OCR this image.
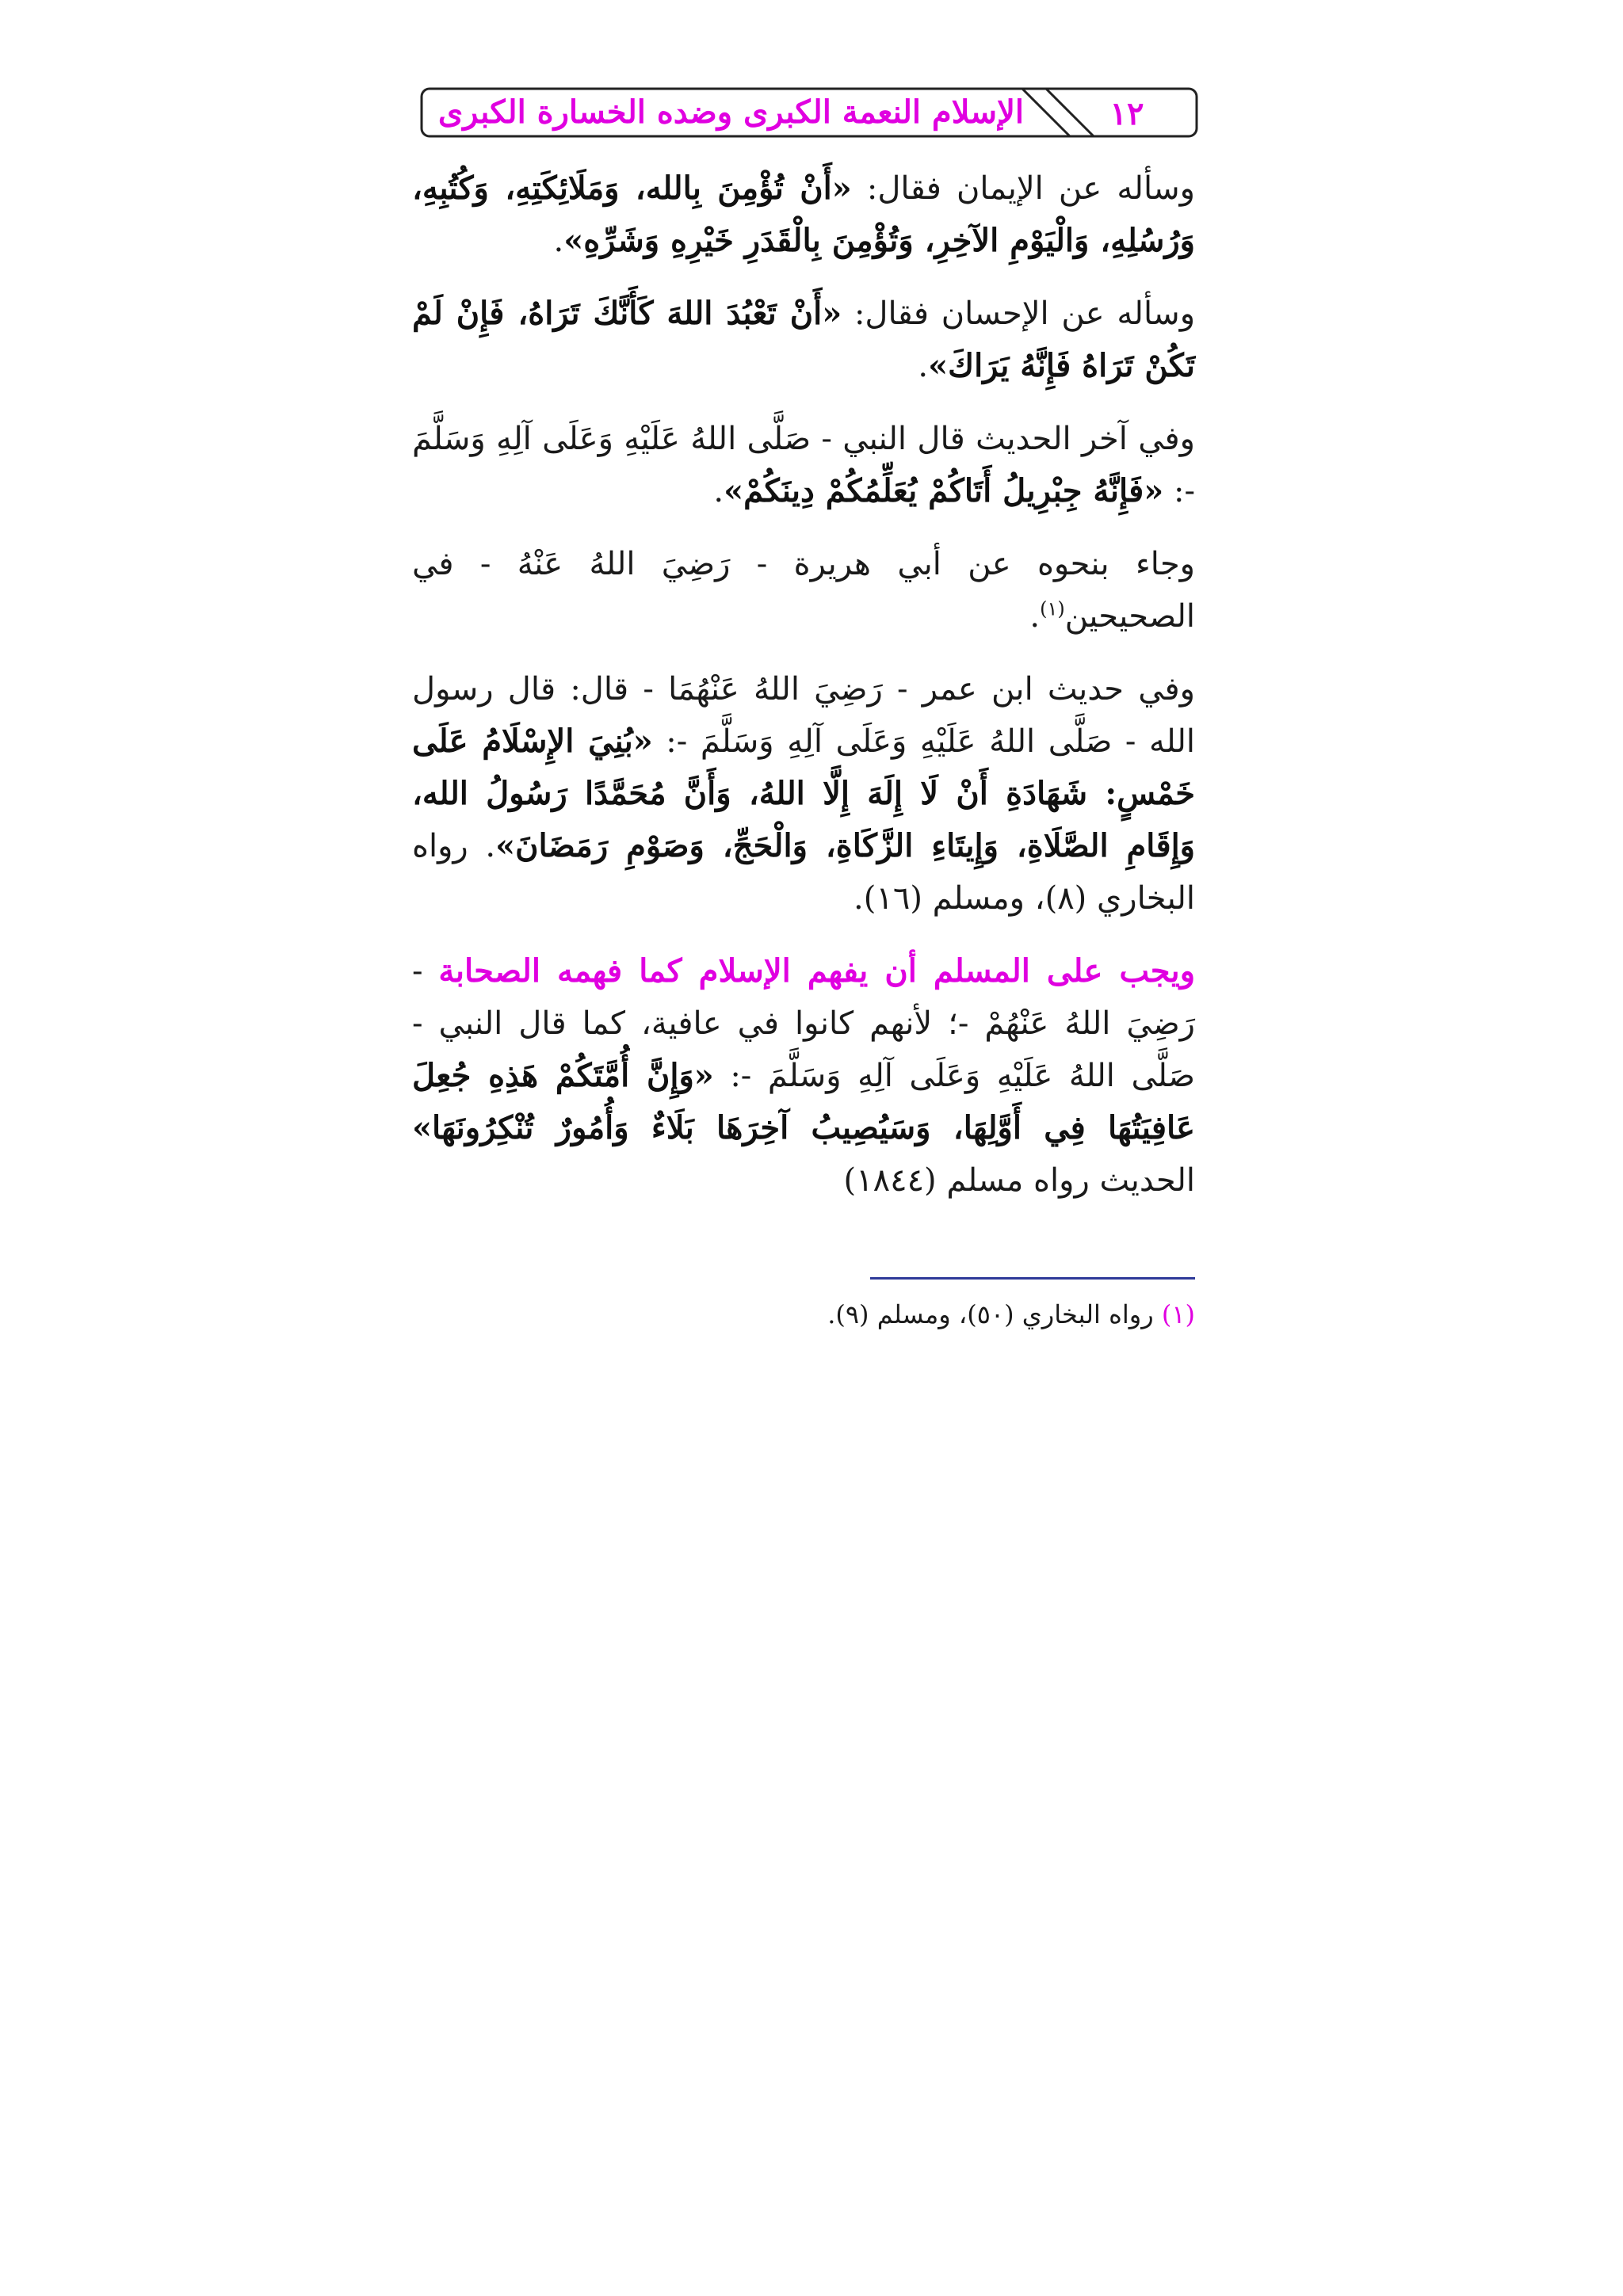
الإسلام النعمة الكبرى وضده الخسارة الكبرى	١٢

وسأله عن الإيمان فقال: «أَنْ تُؤْمِنَ بِالله، وَمَلَائِكَتِهِ، وَكُتُبِهِ، وَرُسُلِهِ، وَالْيَوْمِ الآخِرِ، وَتُؤْمِنَ بِالْقَدَرِ خَيْرِهِ وَشَرِّهِ».

وسأله عن الإحسان فقال: «أَنْ تَعْبُدَ اللهَ كَأَنَّكَ تَرَاهُ، فَإِنْ لَمْ تَكُنْ تَرَاهُ فَإِنَّهُ يَرَاكَ».

وفي آخر الحديث قال النبي - صَلَّى اللهُ عَلَيْهِ وَعَلَى آلِهِ وَسَلَّمَ -: «فَإِنَّهُ جِبْرِيلُ أَتَاكُمْ يُعَلِّمُكُمْ دِينَكُمْ».

وجاء بنحوه عن أبي هريرة - رَضِيَ اللهُ عَنْهُ - في الصحيحين$^{(١)}$.

وفي حديث ابن عمر - رَضِيَ اللهُ عَنْهُمَا - قال: قال رسول الله - صَلَّى اللهُ عَلَيْهِ وَعَلَى آلِهِ وَسَلَّمَ -: «بُنِيَ الإِسْلَامُ عَلَى خَمْسٍ: شَهَادَةِ أَنْ لَا إِلَهَ إِلَّا اللهُ، وَأَنَّ مُحَمَّدًا رَسُولُ الله، وَإِقَامِ الصَّلَاةِ، وَإِيتَاءِ الزَّكَاةِ، وَالْحَجِّ، وَصَوْمِ رَمَضَانَ». رواه البخاري (٨)، ومسلم (١٦).

ويجب على المسلم أن يفهم الإسلام كما فهمه الصحابة - رَضِيَ اللهُ عَنْهُمْ -؛ لأنهم كانوا في عافية، كما قال النبي - صَلَّى اللهُ عَلَيْهِ وَعَلَى آلِهِ وَسَلَّمَ -: «وَإِنَّ أُمَّتَكُمْ هَذِهِ جُعِلَ عَافِيَتُهَا فِي أَوَّلِهَا، وَسَيُصِيبُ آخِرَهَا بَلَاءٌ وَأُمُورٌ تُنْكِرُونَهَا» الحديث رواه مسلم (١٨٤٤)

(١) رواه البخاري (٥٠)، ومسلم (٩).
